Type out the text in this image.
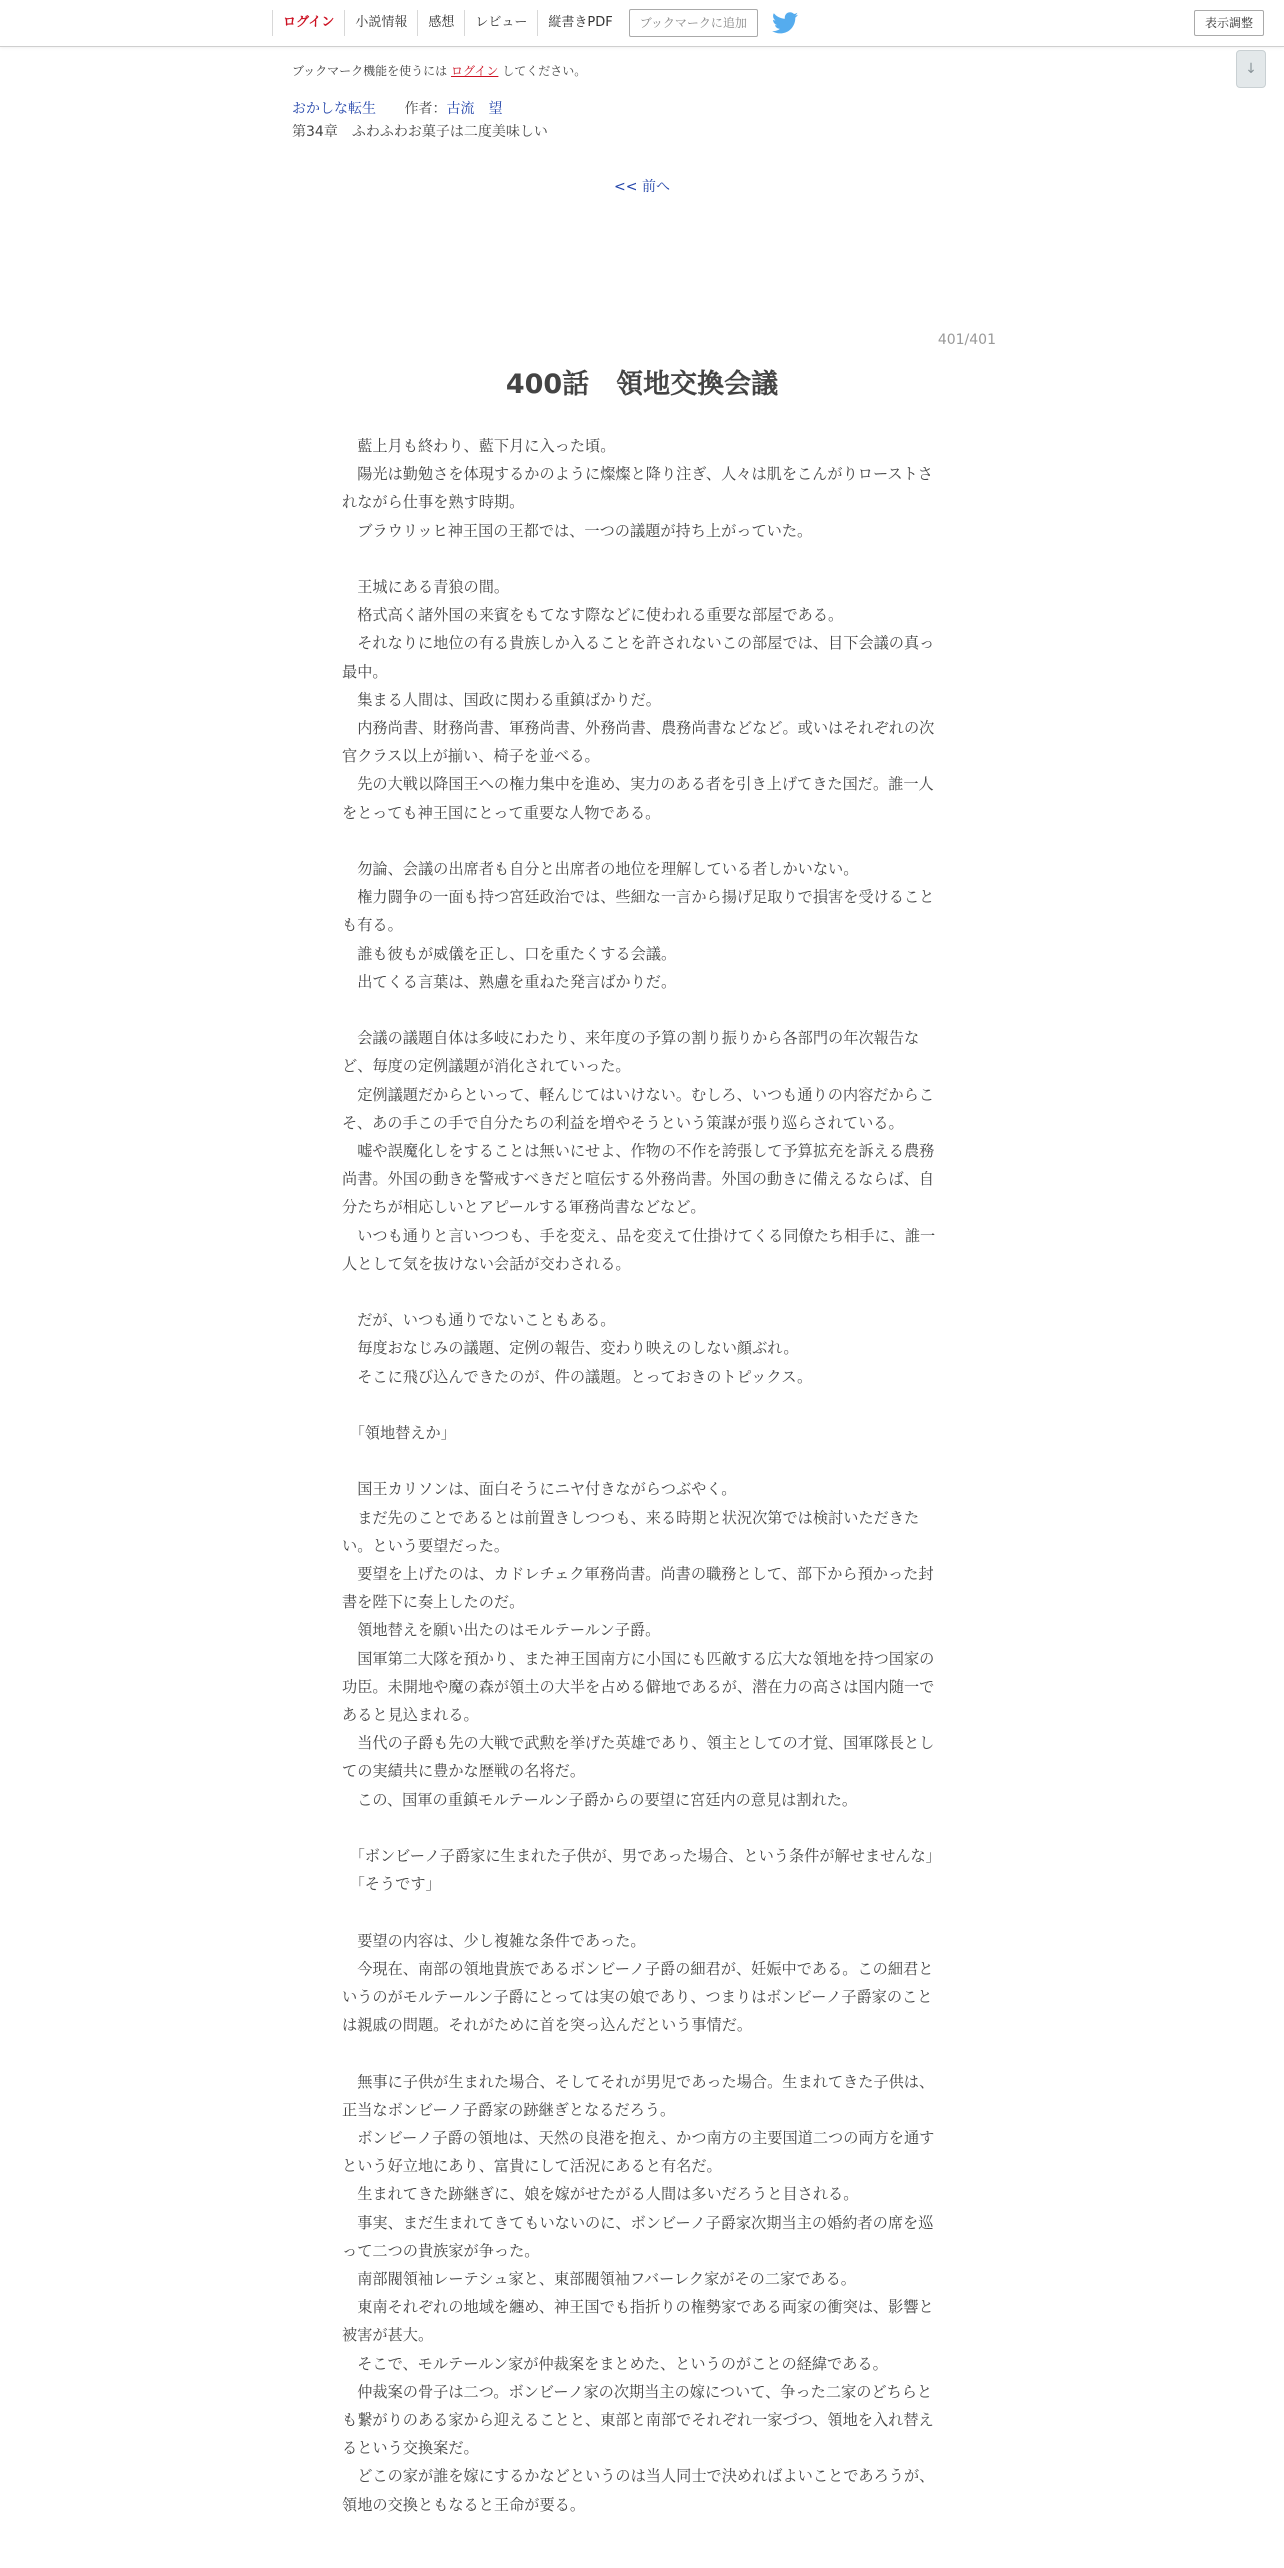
ログイン	小説情報	感想	レビュー	縦書きPDF	ブックマークに追加	表示調整
ブックマーク機能を使うには ログイン してください。
おかしな転生 作者：古流　望
第34章　ふわふわお菓子は二度美味しい
↓
<< 前へ
401/401
400話　領地交換会議

　藍上月も終わり、藍下月に入った頃。

　陽光は勤勉さを体現するかのように燦燦と降り注ぎ、人々は肌をこんがりローストされながら仕事を熟す時期。

　ブラウリッヒ神王国の王都では、一つの議題が持ち上がっていた。

　王城にある青狼の間。

　格式高く諸外国の来賓をもてなす際などに使われる重要な部屋である。

　それなりに地位の有る貴族しか入ることを許されないこの部屋では、目下会議の真っ最中。

　集まる人間は、国政に関わる重鎮ばかりだ。

　内務尚書、財務尚書、軍務尚書、外務尚書、農務尚書などなど。或いはそれぞれの次官クラス以上が揃い、椅子を並べる。

　先の大戦以降国王への権力集中を進め、実力のある者を引き上げてきた国だ。誰一人をとっても神王国にとって重要な人物である。

　勿論、会議の出席者も自分と出席者の地位を理解している者しかいない。

　権力闘争の一面も持つ宮廷政治では、些細な一言から揚げ足取りで損害を受けることも有る。

　誰も彼もが威儀を正し、口を重たくする会議。

　出てくる言葉は、熟慮を重ねた発言ばかりだ。

　会議の議題自体は多岐にわたり、来年度の予算の割り振りから各部門の年次報告など、毎度の定例議題が消化されていった。

　定例議題だからといって、軽んじてはいけない。むしろ、いつも通りの内容だからこそ、あの手この手で自分たちの利益を増やそうという策謀が張り巡らされている。

　嘘や誤魔化しをすることは無いにせよ、作物の不作を誇張して予算拡充を訴える農務尚書。外国の動きを警戒すべきだと喧伝する外務尚書。外国の動きに備えるならば、自分たちが相応しいとアピールする軍務尚書などなど。

　いつも通りと言いつつも、手を変え、品を変えて仕掛けてくる同僚たち相手に、誰一人として気を抜けない会話が交わされる。

　だが、いつも通りでないこともある。

　毎度おなじみの議題、定例の報告、変わり映えのしない顔ぶれ。

　そこに飛び込んできたのが、件の議題。とっておきのトピックス。

　「領地替えか」

　国王カリソンは、面白そうにニヤ付きながらつぶやく。

　まだ先のことであるとは前置きしつつも、来る時期と状況次第では検討いただきたい。という要望だった。

　要望を上げたのは、カドレチェク軍務尚書。尚書の職務として、部下から預かった封書を陛下に奏上したのだ。

　領地替えを願い出たのはモルテールン子爵。

　国軍第二大隊を預かり、また神王国南方に小国にも匹敵する広大な領地を持つ国家の功臣。未開地や魔の森が領土の大半を占める僻地であるが、潜在力の高さは国内随一であると見込まれる。

　当代の子爵も先の大戦で武勲を挙げた英雄であり、領主としての才覚、国軍隊長としての実績共に豊かな歴戦の名将だ。

　この、国軍の重鎮モルテールン子爵からの要望に宮廷内の意見は割れた。

　「ボンビーノ子爵家に生まれた子供が、男であった場合、という条件が解せませんな」

　「そうです」

　要望の内容は、少し複雑な条件であった。

　今現在、南部の領地貴族であるボンビーノ子爵の細君が、妊娠中である。この細君というのがモルテールン子爵にとっては実の娘であり、つまりはボンビーノ子爵家のことは親戚の問題。それがために首を突っ込んだという事情だ。

　無事に子供が生まれた場合、そしてそれが男児であった場合。生まれてきた子供は、正当なボンビーノ子爵家の跡継ぎとなるだろう。

　ボンビーノ子爵の領地は、天然の良港を抱え、かつ南方の主要国道二つの両方を通すという好立地にあり、富貴にして活況にあると有名だ。

　生まれてきた跡継ぎに、娘を嫁がせたがる人間は多いだろうと目される。

　事実、まだ生まれてきてもいないのに、ボンビーノ子爵家次期当主の婚約者の席を巡って二つの貴族家が争った。

　南部閥領袖レーテシュ家と、東部閥領袖フバーレク家がその二家である。

　東南それぞれの地域を纏め、神王国でも指折りの権勢家である両家の衝突は、影響と被害が甚大。

　そこで、モルテールン家が仲裁案をまとめた、というのがことの経緯である。

　仲裁案の骨子は二つ。ボンビーノ家の次期当主の嫁について、争った二家のどちらとも繋がりのある家から迎えることと、東部と南部でそれぞれ一家づつ、領地を入れ替えるという交換案だ。

　どこの家が誰を嫁にするかなどというのは当人同士で決めればよいことであろうが、領地の交換ともなると王命が要る。
